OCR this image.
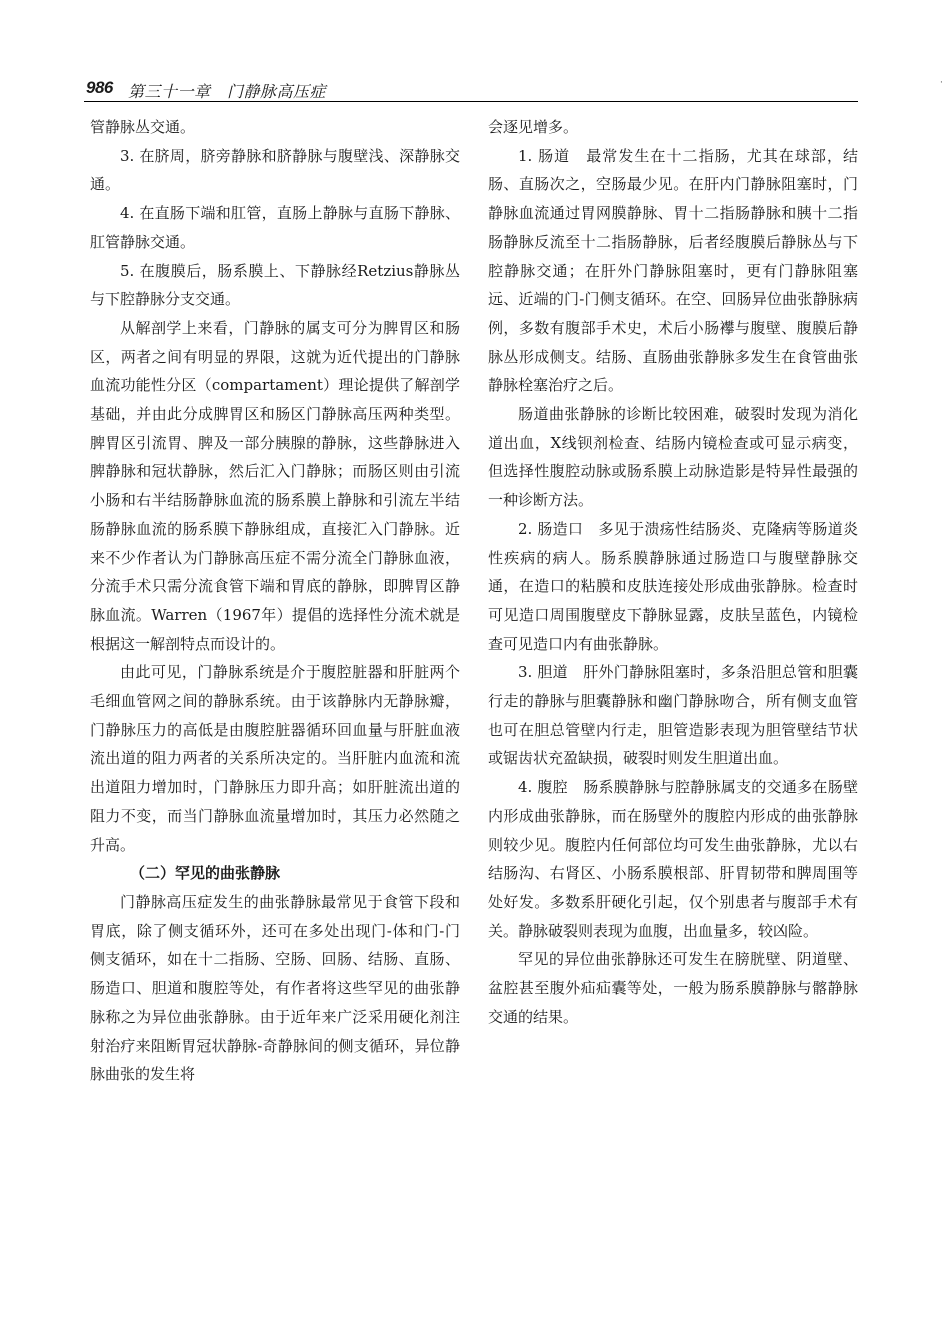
986 第三十一章　门静脉高压症
·

管静脉丛交通。

3. 在脐周，脐旁静脉和脐静脉与腹壁浅、深静脉交通。

4. 在直肠下端和肛管，直肠上静脉与直肠下静脉、肛管静脉交通。

5. 在腹膜后，肠系膜上、下静脉经Retzius静脉丛与下腔静脉分支交通。

从解剖学上来看，门静脉的属支可分为脾胃区和肠区，两者之间有明显的界限，这就为近代提出的门静脉血流功能性分区（compartament）理论提供了解剖学基础，并由此分成脾胃区和肠区门静脉高压两种类型。脾胃区引流胃、脾及一部分胰腺的静脉，这些静脉进入脾静脉和冠状静脉，然后汇入门静脉；而肠区则由引流小肠和右半结肠静脉血流的肠系膜上静脉和引流左半结肠静脉血流的肠系膜下静脉组成，直接汇入门静脉。近来不少作者认为门静脉高压症不需分流全门静脉血液，分流手术只需分流食管下端和胃底的静脉，即脾胃区静脉血流。Warren（1967年）提倡的选择性分流术就是根据这一解剖特点而设计的。

由此可见，门静脉系统是介于腹腔脏器和肝脏两个毛细血管网之间的静脉系统。由于该静脉内无静脉瓣，门静脉压力的高低是由腹腔脏器循环回血量与肝脏血液流出道的阻力两者的关系所决定的。当肝脏内血流和流出道阻力增加时，门静脉压力即升高；如肝脏流出道的阻力不变，而当门静脉血流量增加时，其压力必然随之升高。

（二）罕见的曲张静脉

门静脉高压症发生的曲张静脉最常见于食管下段和胃底，除了侧支循环外，还可在多处出现门-体和门-门侧支循环，如在十二指肠、空肠、回肠、结肠、直肠、肠造口、胆道和腹腔等处，有作者将这些罕见的曲张静脉称之为异位曲张静脉。由于近年来广泛采用硬化剂注射治疗来阻断胃冠状静脉-奇静脉间的侧支循环，异位静脉曲张的发生将

会逐见增多。

1. 肠道　最常发生在十二指肠，尤其在球部，结肠、直肠次之，空肠最少见。在肝内门静脉阻塞时，门静脉血流通过胃网膜静脉、胃十二指肠静脉和胰十二指肠静脉反流至十二指肠静脉，后者经腹膜后静脉丛与下腔静脉交通；在肝外门静脉阻塞时，更有门静脉阻塞远、近端的门-门侧支循环。在空、回肠异位曲张静脉病例，多数有腹部手术史，术后小肠襻与腹壁、腹膜后静脉丛形成侧支。结肠、直肠曲张静脉多发生在食管曲张静脉栓塞治疗之后。

肠道曲张静脉的诊断比较困难，破裂时发现为消化道出血，X线钡剂检查、结肠内镜检查或可显示病变，但选择性腹腔动脉或肠系膜上动脉造影是特异性最强的一种诊断方法。

2. 肠造口　多见于溃疡性结肠炎、克隆病等肠道炎性疾病的病人。肠系膜静脉通过肠造口与腹壁静脉交通，在造口的粘膜和皮肤连接处形成曲张静脉。检查时可见造口周围腹壁皮下静脉显露，皮肤呈蓝色，内镜检查可见造口内有曲张静脉。

3. 胆道　肝外门静脉阻塞时，多条沿胆总管和胆囊行走的静脉与胆囊静脉和幽门静脉吻合，所有侧支血管也可在胆总管壁内行走，胆管造影表现为胆管壁结节状或锯齿状充盈缺损，破裂时则发生胆道出血。

4. 腹腔　肠系膜静脉与腔静脉属支的交通多在肠壁内形成曲张静脉，而在肠壁外的腹腔内形成的曲张静脉则较少见。腹腔内任何部位均可发生曲张静脉，尤以右结肠沟、右肾区、小肠系膜根部、肝胃韧带和脾周围等处好发。多数系肝硬化引起，仅个别患者与腹部手术有关。静脉破裂则表现为血腹，出血量多，较凶险。

罕见的异位曲张静脉还可发生在膀胱壁、阴道壁、盆腔甚至腹外疝疝囊等处，一般为肠系膜静脉与髂静脉交通的结果。
